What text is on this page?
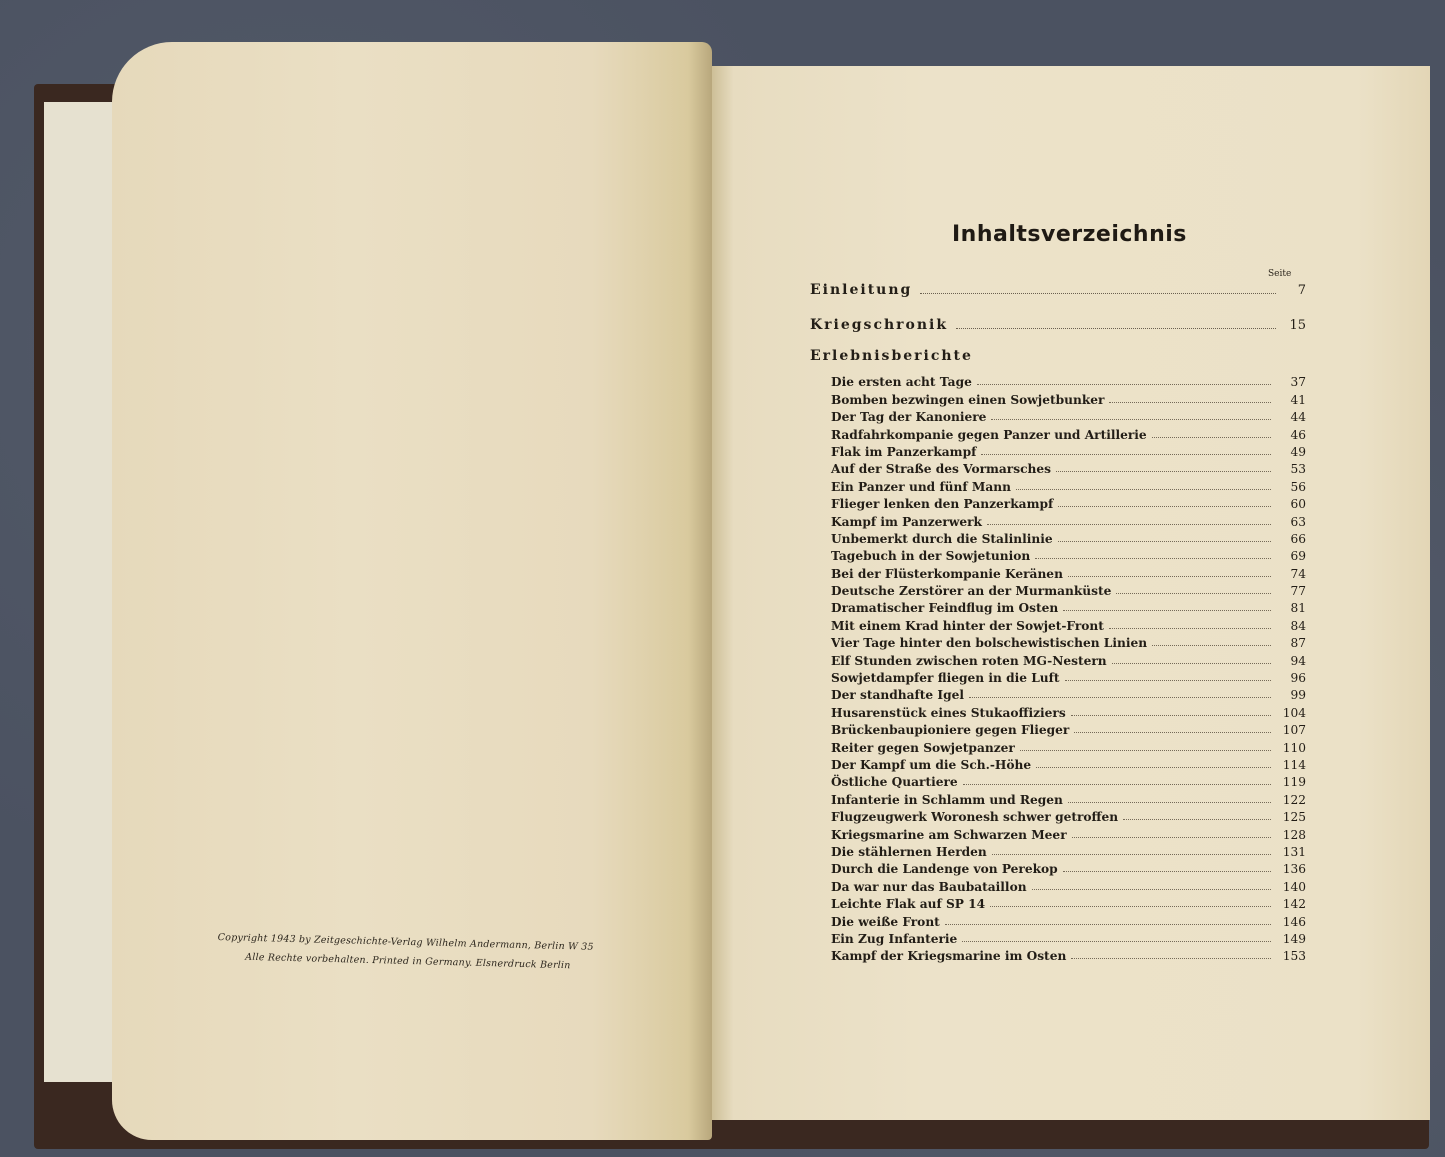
Copyright 1943 by Zeitgeschichte-Verlag Wilhelm Andermann, Berlin W 35
Alle Rechte vorbehalten. Printed in Germany. Elsnerdruck Berlin
Inhaltsverzeichnis
Seite
Einleitung	7
Kriegschronik	15
Erlebnisberichte
Die ersten acht Tage	37
Bomben bezwingen einen Sowjetbunker	41
Der Tag der Kanoniere	44
Radfahrkompanie gegen Panzer und Artillerie	46
Flak im Panzerkampf	49
Auf der Straße des Vormarsches	53
Ein Panzer und fünf Mann	56
Flieger lenken den Panzerkampf	60
Kampf im Panzerwerk	63
Unbemerkt durch die Stalinlinie	66
Tagebuch in der Sowjetunion	69
Bei der Flüsterkompanie Keränen	74
Deutsche Zerstörer an der Murmanküste	77
Dramatischer Feindflug im Osten	81
Mit einem Krad hinter der Sowjet-Front	84
Vier Tage hinter den bolschewistischen Linien	87
Elf Stunden zwischen roten MG-Nestern	94
Sowjetdampfer fliegen in die Luft	96
Der standhafte Igel	99
Husarenstück eines Stukaoffiziers	104
Brückenbaupioniere gegen Flieger	107
Reiter gegen Sowjetpanzer	110
Der Kampf um die Sch.-Höhe	114
Östliche Quartiere	119
Infanterie in Schlamm und Regen	122
Flugzeugwerk Woronesh schwer getroffen	125
Kriegsmarine am Schwarzen Meer	128
Die stählernen Herden	131
Durch die Landenge von Perekop	136
Da war nur das Baubataillon	140
Leichte Flak auf SP 14	142
Die weiße Front	146
Ein Zug Infanterie	149
Kampf der Kriegsmarine im Osten	153
